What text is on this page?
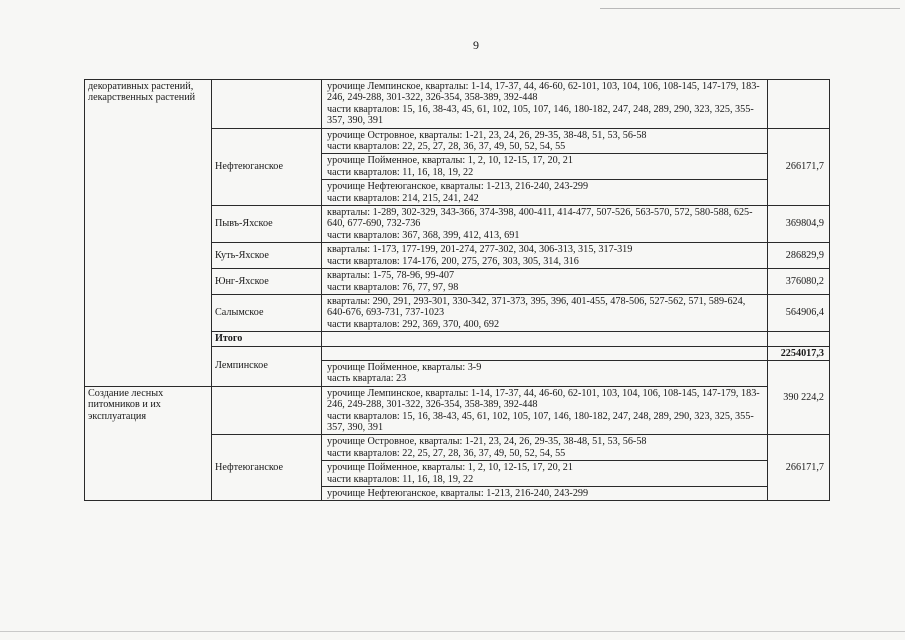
9
декоративных растений, лекарственных растений		урочище Лемпинское, кварталы: 1-14, 17-37, 44, 46-60, 62-101, 103, 104, 106, 108-145, 147-179, 183-246, 249-288, 301-322, 326-354, 358-389, 392-448
части кварталов: 15, 16, 38-43, 45, 61, 102, 105, 107, 146, 180-182, 247, 248, 289, 290, 323, 325, 355-357, 390, 391	

	Нефтеюганское	урочище Островное, кварталы: 1-21, 23, 24, 26, 29-35, 38-48, 51, 53, 56-58
части кварталов: 22, 25, 27, 28, 36, 37, 49, 50, 52, 54, 55	266171,7

		урочище Пойменное, кварталы: 1, 2, 10, 12-15, 17, 20, 21
части кварталов: 11, 16, 18, 19, 22	

		урочище Нефтеюганское, кварталы: 1-213, 216-240, 243-299
части кварталов: 214, 215, 241, 242	

	Пывъ-Яхское	кварталы: 1-289, 302-329, 343-366, 374-398, 400-411, 414-477, 507-526, 563-570, 572, 580-588, 625-640, 677-690, 732-736
части кварталов: 367, 368, 399, 412, 413, 691	369804,9
	Куть-Яхское	кварталы: 1-173, 177-199, 201-274, 277-302, 304, 306-313, 315, 317-319
части кварталов: 174-176, 200, 275, 276, 303, 305, 314, 316	286829,9
	Юнг-Яхское	кварталы: 1-75, 78-96, 99-407
части кварталов: 76, 77, 97, 98	376080,2
	Салымское	кварталы: 290, 291, 293-301, 330-342, 371-373, 395, 396, 401-455, 478-506, 527-562, 571, 589-624, 640-676, 693-731, 737-1023
части кварталов: 292, 369, 370, 400, 692	564906,4
	Итого		
	Лемпинское		2254017,3

		урочище Пойменное, кварталы: 3-9
часть квартала: 23	390 224,2
Создание лесных питомников и их эксплуатация		урочище Лемпинское, кварталы: 1-14, 17-37, 44, 46-60, 62-101, 103, 104, 106, 108-145, 147-179, 183-246, 249-288, 301-322, 326-354, 358-389, 392-448
части кварталов: 15, 16, 38-43, 45, 61, 102, 105, 107, 146, 180-182, 247, 248, 289, 290, 323, 325, 355-357, 390, 391	

	Нефтеюганское	урочище Островное, кварталы: 1-21, 23, 24, 26, 29-35, 38-48, 51, 53, 56-58
части кварталов: 22, 25, 27, 28, 36, 37, 49, 50, 52, 54, 55	266171,7

		урочище Пойменное, кварталы: 1, 2, 10, 12-15, 17, 20, 21
части кварталов: 11, 16, 18, 19, 22	

		урочище Нефтеюганское, кварталы: 1-213, 216-240, 243-299	
